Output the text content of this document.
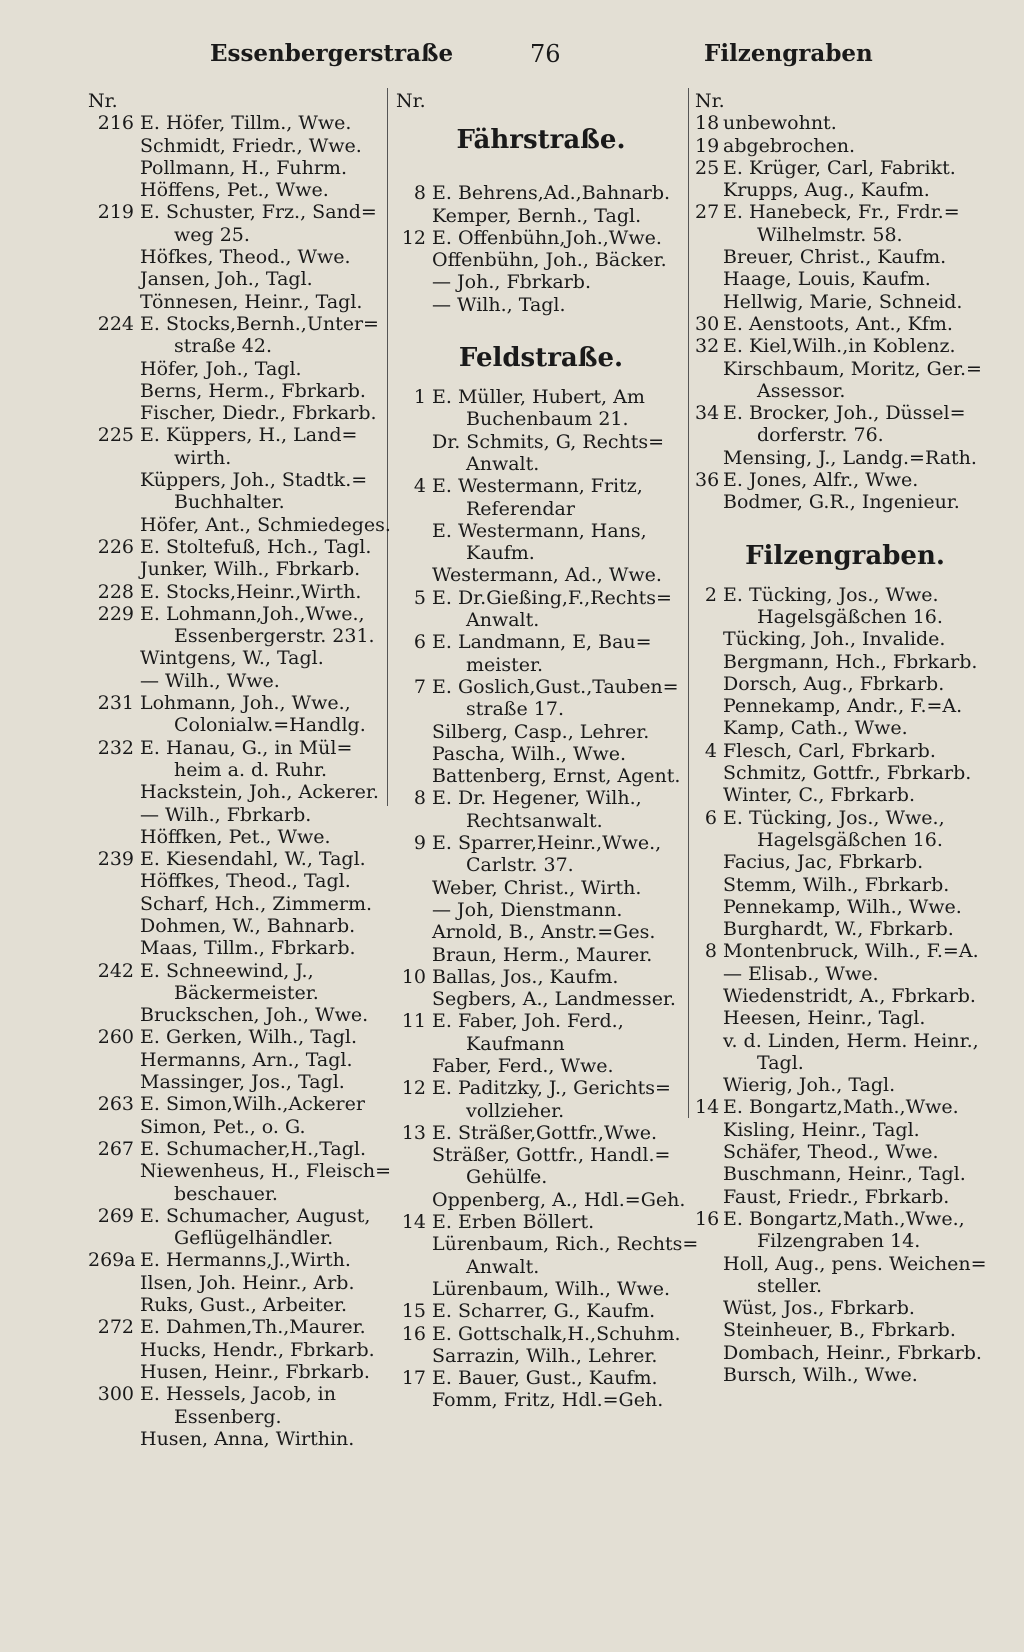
Essenbergerstraße	76	Filzengraben
Nr.
216 E. Höfer, Tillm., Wwe.
Schmidt, Friedr., Wwe.
Pollmann, H., Fuhrm.
Höffens, Pet., Wwe.
219 E. Schuster, Frz., Sand=
weg 25.
Höfkes, Theod., Wwe.
Jansen, Joh., Tagl.
Tönnesen, Heinr., Tagl.
224 E. Stocks,Bernh.,Unter=
straße 42.
Höfer, Joh., Tagl.
Berns, Herm., Fbrkarb.
Fischer, Diedr., Fbrkarb.
225 E. Küppers, H., Land=
wirth.
Küppers, Joh., Stadtk.=
Buchhalter.
Höfer, Ant., Schmiedeges.
226 E. Stoltefuß, Hch., Tagl.
Junker, Wilh., Fbrkarb.
228 E. Stocks,Heinr.,Wirth.
229 E. Lohmann,Joh.,Wwe.,
Essenbergerstr. 231.
Wintgens, W., Tagl.
— Wilh., Wwe.
231 Lohmann, Joh., Wwe.,
Colonialw.=Handlg.
232 E. Hanau, G., in Mül=
heim a. d. Ruhr.
Hackstein, Joh., Ackerer.
— Wilh., Fbrkarb.
Höffken, Pet., Wwe.
239 E. Kiesendahl, W., Tagl.
Höffkes, Theod., Tagl.
Scharf, Hch., Zimmerm.
Dohmen, W., Bahnarb.
Maas, Tillm., Fbrkarb.
242 E. Schneewind, J.,
Bäckermeister.
Bruckschen, Joh., Wwe.
260 E. Gerken, Wilh., Tagl.
Hermanns, Arn., Tagl.
Massinger, Jos., Tagl.
263 E. Simon,Wilh.,Ackerer
Simon, Pet., o. G.
267 E. Schumacher,H.,Tagl.
Niewenheus, H., Fleisch=
beschauer.
269 E. Schumacher, August,
Geflügelhändler.
269a E. Hermanns,J.,Wirth.
Ilsen, Joh. Heinr., Arb.
Ruks, Gust., Arbeiter.
272 E. Dahmen,Th.,Maurer.
Hucks, Hendr., Fbrkarb.
Husen, Heinr., Fbrkarb.
300 E. Hessels, Jacob, in
Essenberg.
Husen, Anna, Wirthin.
Nr.
Fährstraße.
8 E. Behrens,Ad.,Bahnarb.
Kemper, Bernh., Tagl.
12 E. Offenbühn,Joh.,Wwe.
Offenbühn, Joh., Bäcker.
— Joh., Fbrkarb.
— Wilh., Tagl.
Feldstraße.
1 E. Müller, Hubert, Am
Buchenbaum 21.
Dr. Schmits, G, Rechts=
Anwalt.
4 E. Westermann, Fritz,
Referendar
E. Westermann, Hans,
Kaufm.
Westermann, Ad., Wwe.
5 E. Dr.Gießing,F.,Rechts=
Anwalt.
6 E. Landmann, E, Bau=
meister.
7 E. Goslich,Gust.,Tauben=
straße 17.
Silberg, Casp., Lehrer.
Pascha, Wilh., Wwe.
Battenberg, Ernst, Agent.
8 E. Dr. Hegener, Wilh.,
Rechtsanwalt.
9 E. Sparrer,Heinr.,Wwe.,
Carlstr. 37.
Weber, Christ., Wirth.
— Joh, Dienstmann.
Arnold, B., Anstr.=Ges.
Braun, Herm., Maurer.
10 Ballas, Jos., Kaufm.
Segbers, A., Landmesser.
11 E. Faber, Joh. Ferd.,
Kaufmann
Faber, Ferd., Wwe.
12 E. Paditzky, J., Gerichts=
vollzieher.
13 E. Sträßer,Gottfr.,Wwe.
Sträßer, Gottfr., Handl.=
Gehülfe.
Oppenberg, A., Hdl.=Geh.
14 E. Erben Böllert.
Lürenbaum, Rich., Rechts=
Anwalt.
Lürenbaum, Wilh., Wwe.
15 E. Scharrer, G., Kaufm.
16 E. Gottschalk,H.,Schuhm.
Sarrazin, Wilh., Lehrer.
17 E. Bauer, Gust., Kaufm.
Fomm, Fritz, Hdl.=Geh.
Nr.
18 unbewohnt.
19 abgebrochen.
25 E. Krüger, Carl, Fabrikt.
Krupps, Aug., Kaufm.
27 E. Hanebeck, Fr., Frdr.=
Wilhelmstr. 58.
Breuer, Christ., Kaufm.
Haage, Louis, Kaufm.
Hellwig, Marie, Schneid.
30 E. Aenstoots, Ant., Kfm.
32 E. Kiel,Wilh.,in Koblenz.
Kirschbaum, Moritz, Ger.=
Assessor.
34 E. Brocker, Joh., Düssel=
dorferstr. 76.
Mensing, J., Landg.=Rath.
36 E. Jones, Alfr., Wwe.
Bodmer, G.R., Ingenieur.
Filzengraben.
2 E. Tücking, Jos., Wwe.
Hagelsgäßchen 16.
Tücking, Joh., Invalide.
Bergmann, Hch., Fbrkarb.
Dorsch, Aug., Fbrkarb.
Pennekamp, Andr., F.=A.
Kamp, Cath., Wwe.
4 Flesch, Carl, Fbrkarb.
Schmitz, Gottfr., Fbrkarb.
Winter, C., Fbrkarb.
6 E. Tücking, Jos., Wwe.,
Hagelsgäßchen 16.
Facius, Jac, Fbrkarb.
Stemm, Wilh., Fbrkarb.
Pennekamp, Wilh., Wwe.
Burghardt, W., Fbrkarb.
8 Montenbruck, Wilh., F.=A.
— Elisab., Wwe.
Wiedenstridt, A., Fbrkarb.
Heesen, Heinr., Tagl.
v. d. Linden, Herm. Heinr.,
Tagl.
Wierig, Joh., Tagl.
14 E. Bongartz,Math.,Wwe.
Kisling, Heinr., Tagl.
Schäfer, Theod., Wwe.
Buschmann, Heinr., Tagl.
Faust, Friedr., Fbrkarb.
16 E. Bongartz,Math.,Wwe.,
Filzengraben 14.
Holl, Aug., pens. Weichen=
steller.
Wüst, Jos., Fbrkarb.
Steinheuer, B., Fbrkarb.
Dombach, Heinr., Fbrkarb.
Bursch, Wilh., Wwe.
